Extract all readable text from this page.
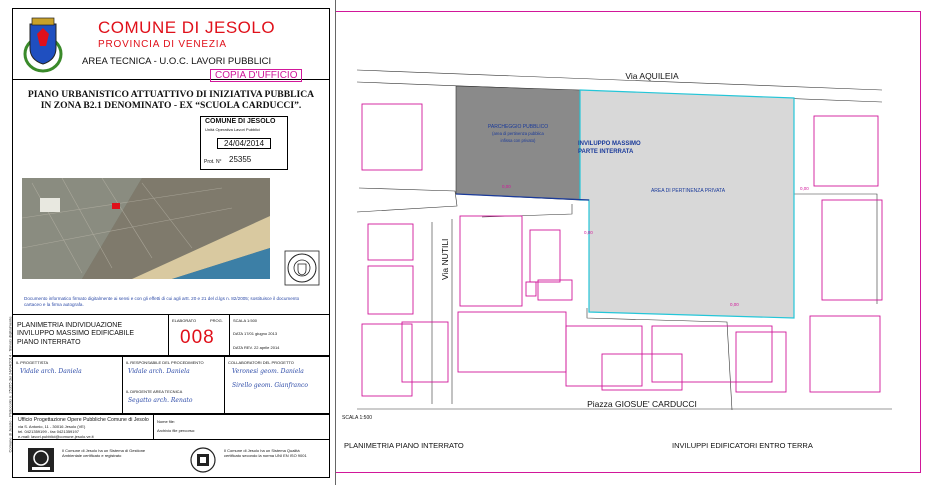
Comune di Jesolo - Protocollo n. 25355 del 24/04/2014 - firmato digitalmente
COMUNE DI JESOLO
PROVINCIA DI VENEZIA
AREA TECNICA - U.O.C. LAVORI PUBBLICI
COPIA D'UFFICIO
PIANO URBANISTICO ATTUATTIVO DI INIZIATIVA PUBBLICA
IN ZONA B2.1 DENOMINATO - EX “SCUOLA CARDUCCI”.
COMUNE DI JESOLO
Unità Operativa Lavori Pubblici
24/04/2014
Prot. N° 25355
Documento informatico firmato digitalmente ai sensi e con gli effetti di cui agli artt. 20 e 21 del d.lgs n. 82/2005; sostituisce il documento cartaceo e la firma autografa.
PLANIMETRIA INDIVIDUAZIONE
INVILUPPO MASSIMO EDIFICABILE
PIANO INTERRATO
ELABORATO	PROG.
008
SCALA 1:500
DATA 17/01 giugno 2013
DATA REV. 22 aprile 2014
IL PROGETTISTA
Vidale arch. Daniela
IL RESPONSABILE DEL PROCEDIMENTO
Vidale arch. Daniela
IL DIRIGENTE AREA TECNICA
Segatto arch. Renato
COLLABORATORI DEL PROGETTO
Veronesi geom. Daniela
Sirello geom. Gianfranco
Ufficio Progettazione Opere Pubbliche Comune di Jesolo
via S. Antonio, 11 - 30016 Jesolo (VE)
tel. 0421359199 - fax 0421359197
e-mail: lavori.pubblici@comune.jesolo.ve.it
Nome file:
Archivio file percorso:
Il Comune di Jesolo ha un Sistema di Gestione Ambientale certificato e registrato
Il Comune di Jesolo ha un Sistema Qualità certificato secondo la norma UNI EN ISO 9001
Via AQUILEIA
Via NUTILI
Piazza GIOSUE' CARDUCCI
PARCHEGGIO PUBBLICO
(area di pertinenza pubblica
infissa con privato)
INVILUPPO MASSIMO
PARTE INTERRATA
AREA DI PERTINENZA PRIVATA
0,00
0,00
0,00
0,00
SCALA 1:500
PLANIMETRIA PIANO INTERRATO	INVILUPPI EDIFICATORI ENTRO TERRA
